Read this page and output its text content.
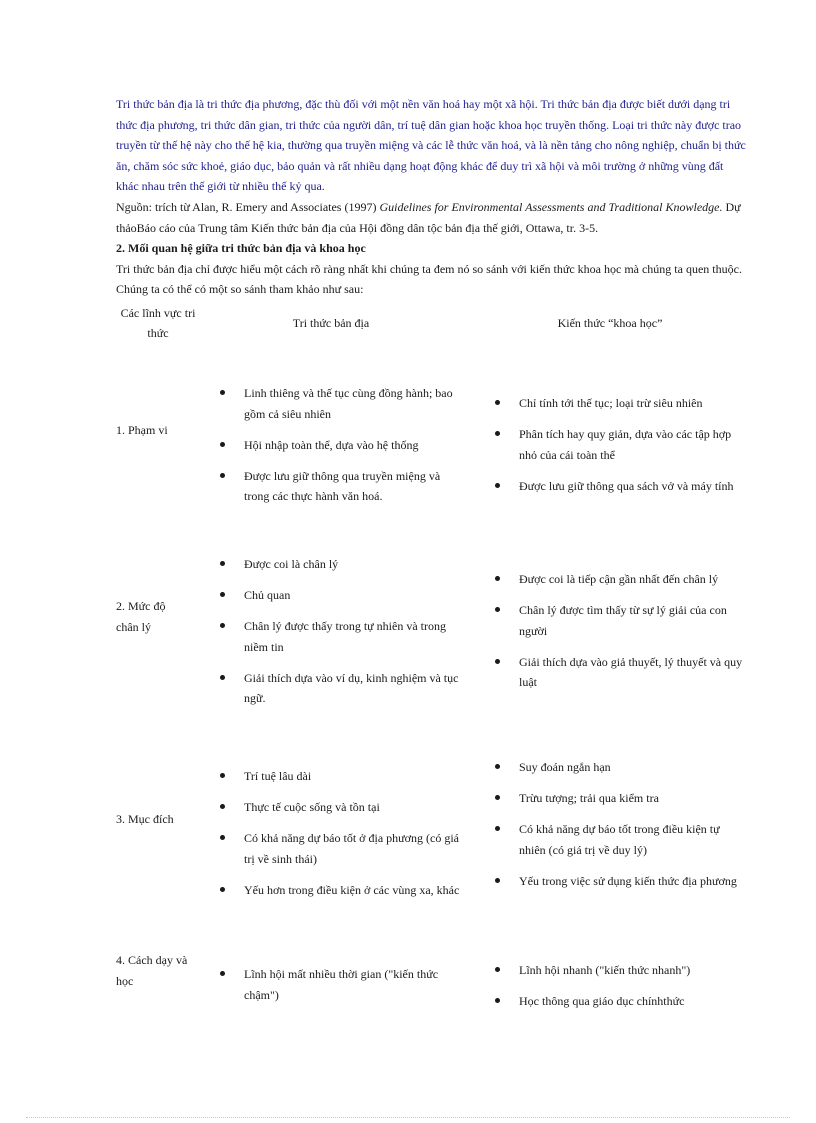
Tri thức bản địa là tri thức địa phương, đặc thù đối với một nền văn hoá hay một xã hội. Tri thức bản địa được biết dưới dạng tri thức địa phương, tri thức dân gian, tri thức của người dân, trí tuệ dân gian hoặc khoa học truyền thống. Loại tri thức này được trao truyền từ thế hệ này cho thế hệ kia, thường qua truyền miệng và các lễ thức văn hoá, và là nền tảng cho nông nghiệp, chuẩn bị thức ăn, chăm sóc sức khoẻ, giáo dục, bảo quản và rất nhiều dạng hoạt động khác để duy trì xã hội và môi trường ở những vùng đất khác nhau trên thế giới từ nhiều thế kỷ qua.
Nguồn: trích từ Alan, R. Emery and Associates (1997) Guidelines for Environmental Assessments and Traditional Knowledge. Dự thảoBáo cáo của Trung tâm Kiến thức bản địa của Hội đồng dân tộc bản địa thế giới, Ottawa, tr. 3-5.
2. Mối quan hệ giữa tri thức bản địa và khoa học
Tri thức bản địa chỉ được hiểu một cách rõ ràng nhất khi chúng ta đem nó so sánh với kiến thức khoa học mà chúng ta quen thuộc. Chúng ta có thể có một so sánh tham khảo như sau:
Các lĩnh vực tri thức
Tri thức bản địa	Kiến thức “khoa học”
1. Phạm vi
Linh thiêng và thế tục cùng đồng hành; bao gồm cả siêu nhiên
Hội nhập toàn thể, dựa vào hệ thống
Được lưu giữ thông qua truyền miệng và trong các thực hành văn hoá.
Chỉ tính tới thế tục; loại trừ siêu nhiên
Phân tích hay quy giản, dựa vào các tập hợp nhỏ của cái toàn thể
Được lưu giữ thông qua sách vở và máy tính
2. Mức độ chân lý
Được coi là chân lý
Chủ quan
Chân lý được thấy trong tự nhiên và trong niềm tin
Giải thích dựa vào ví dụ, kinh nghiệm và tục ngữ.
Được coi là tiếp cận gần nhất đến chân lý
Chân lý được tìm thấy từ sự lý giải của con người
Giải thích dựa vào giả thuyết, lý thuyết và quy luật
3. Mục đích
Trí tuệ lâu dài
Thực tế cuộc sống và tồn tại
Có khả năng dự báo tốt ở địa phương (có giá trị về sinh thái)
Yếu hơn trong điều kiện ở các vùng xa, khác
Suy đoán ngắn hạn
Trừu tượng; trải qua kiểm tra
Có khả năng dự báo tốt trong điều kiện tự nhiên (có giá trị về duy lý)
Yếu trong việc sử dụng kiến thức địa phương
4. Cách dạy và học	Lĩnh hội mất nhiều thời gian ("kiến thức chậm")
Lĩnh hội nhanh ("kiến thức nhanh")
Học thông qua giáo dục chínhthức
